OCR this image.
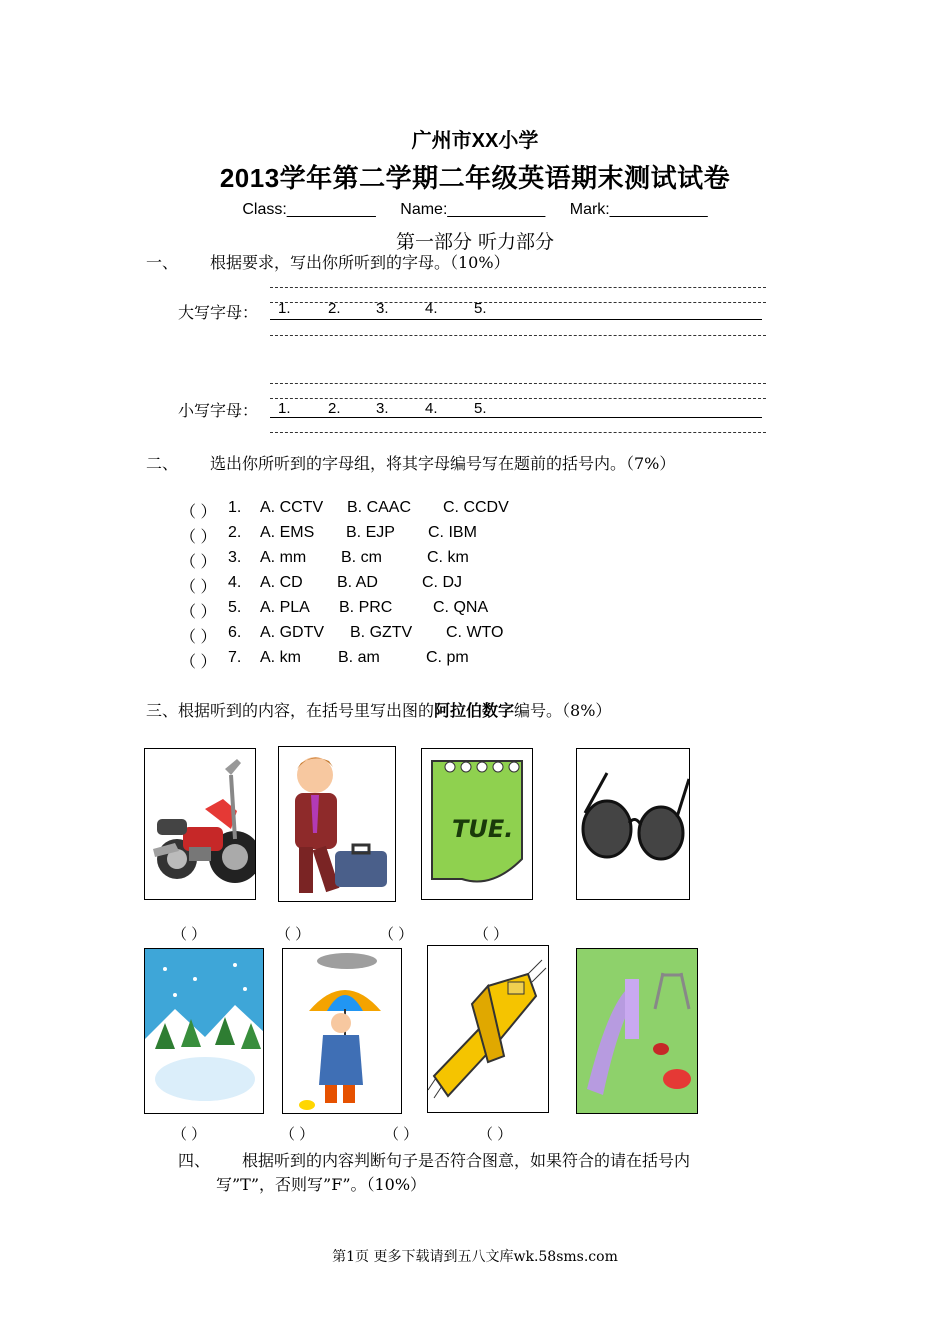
广州市XX小学
2013学年第二学期二年级英语期末测试试卷
Class:__________ Name:___________ Mark:___________
第一部分 听力部分
一、 根据要求，写出你所听到的字母。（10%）
大写字母： 1. 2. 3. 4. 5.
小写字母： 1. 2. 3. 4. 5.
二、 选出你所听到的字母组，将其字母编号写在题前的括号内。（7%）
（ ） 1. A. CCTV B. CAAC C. CCDV
（ ） 2. A. EMS B. EJP C. IBM
（ ） 3. A. mm B. cm	C. km
（ ） 4. A. CD B. AD	C. DJ
（ ） 5. A. PLA B. PRC	C. QNA
（ ） 6. A. GDTV B. GZTV C. WTO
（ ） 7. A. km B. am	C. pm
三、根据听到的内容，在括号里写出图的阿拉伯数字编号。（8%）
TUE.
（ ）	（ ）	（ ）	（ ）
（ ）	（ ）	（ ）	（ ）
四、 根据听到的内容判断句子是否符合图意，如果符合的请在括号内
写”T”，否则写”F”。（10%）
第1页 更多下载请到五八文库wk.58sms.com
